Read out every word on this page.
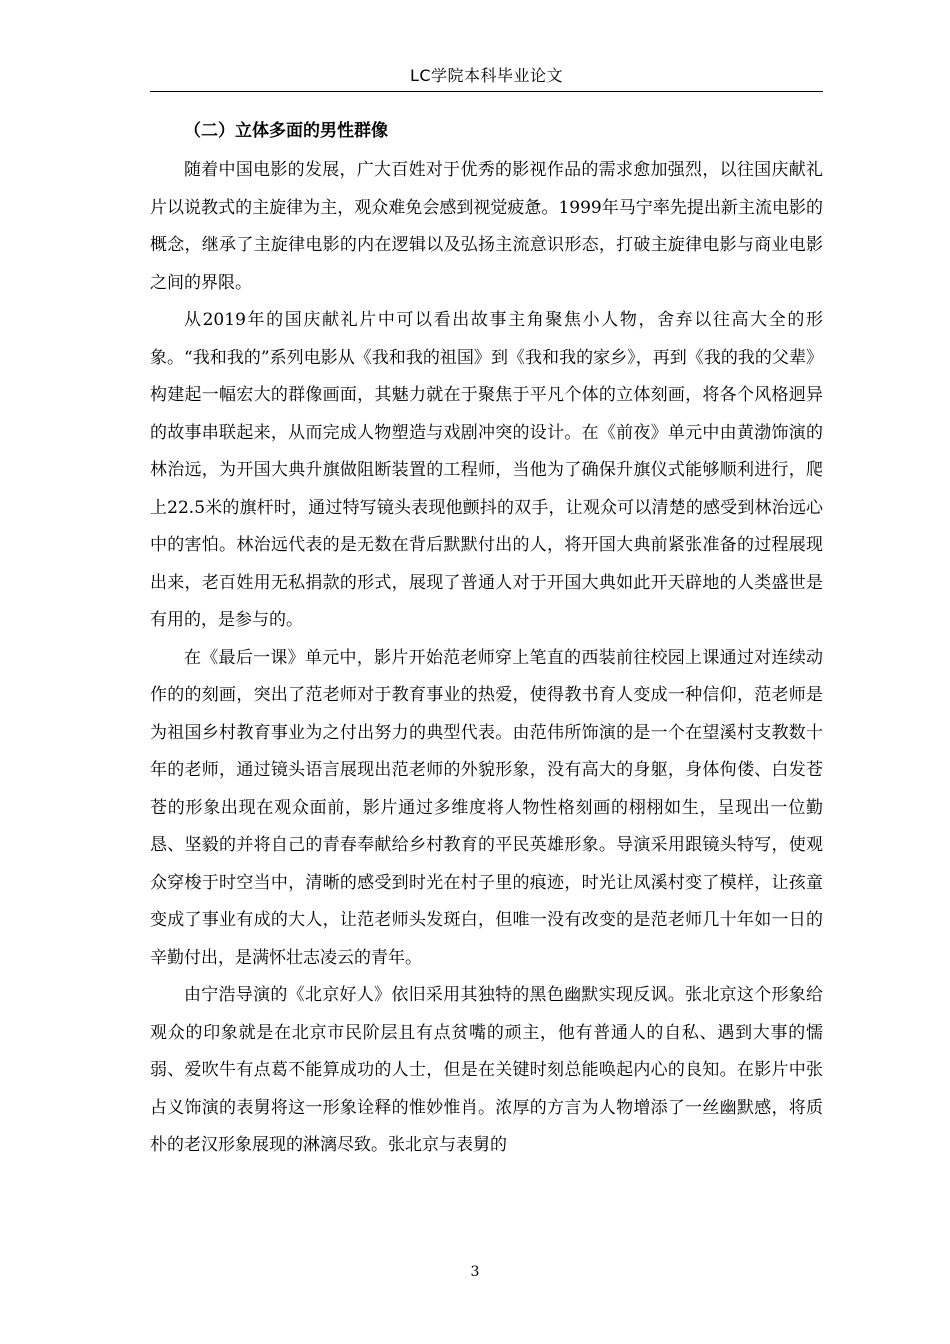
LC学院本科毕业论文
（二）立体多面的男性群像

随着中国电影的发展，广大百姓对于优秀的影视作品的需求愈加强烈，以往国庆献礼片以说教式的主旋律为主，观众难免会感到视觉疲惫。1999年马宁率先提出新主流电影的概念，继承了主旋律电影的内在逻辑以及弘扬主流意识形态，打破主旋律电影与商业电影之间的界限。

从2019年的国庆献礼片中可以看出故事主角聚焦小人物，舍弃以往高大全的形象。“我和我的”系列电影从《我和我的祖国》到《我和我的家乡》，再到《我的我的父辈》构建起一幅宏大的群像画面，其魅力就在于聚焦于平凡个体的立体刻画，将各个风格迥异的故事串联起来，从而完成人物塑造与戏剧冲突的设计。在《前夜》单元中由黄渤饰演的林治远，为开国大典升旗做阻断装置的工程师，当他为了确保升旗仪式能够顺利进行，爬上22.5米的旗杆时，通过特写镜头表现他颤抖的双手，让观众可以清楚的感受到林治远心中的害怕。林治远代表的是无数在背后默默付出的人，将开国大典前紧张准备的过程展现出来，老百姓用无私捐款的形式，展现了普通人对于开国大典如此开天辟地的人类盛世是有用的，是参与的。

在《最后一课》单元中，影片开始范老师穿上笔直的西装前往校园上课通过对连续动作的的刻画，突出了范老师对于教育事业的热爱，使得教书育人变成一种信仰，范老师是为祖国乡村教育事业为之付出努力的典型代表。由范伟所饰演的是一个在望溪村支教数十年的老师，通过镜头语言展现出范老师的外貌形象，没有高大的身躯，身体佝偻、白发苍苍的形象出现在观众面前，影片通过多维度将人物性格刻画的栩栩如生，呈现出一位勤恳、坚毅的并将自己的青春奉献给乡村教育的平民英雄形象。导演采用跟镜头特写，使观众穿梭于时空当中，清晰的感受到时光在村子里的痕迹，时光让凤溪村变了模样，让孩童变成了事业有成的大人，让范老师头发斑白，但唯一没有改变的是范老师几十年如一日的辛勤付出，是满怀壮志凌云的青年。

由宁浩导演的《北京好人》依旧采用其独特的黑色幽默实现反讽。张北京这个形象给观众的印象就是在北京市民阶层且有点贫嘴的顽主，他有普通人的自私、遇到大事的懦弱、爱吹牛有点葛不能算成功的人士，但是在关键时刻总能唤起内心的良知。在影片中张占义饰演的表舅将这一形象诠释的惟妙惟肖。浓厚的方言为人物增添了一丝幽默感，将质朴的老汉形象展现的淋漓尽致。张北京与表舅的

3
